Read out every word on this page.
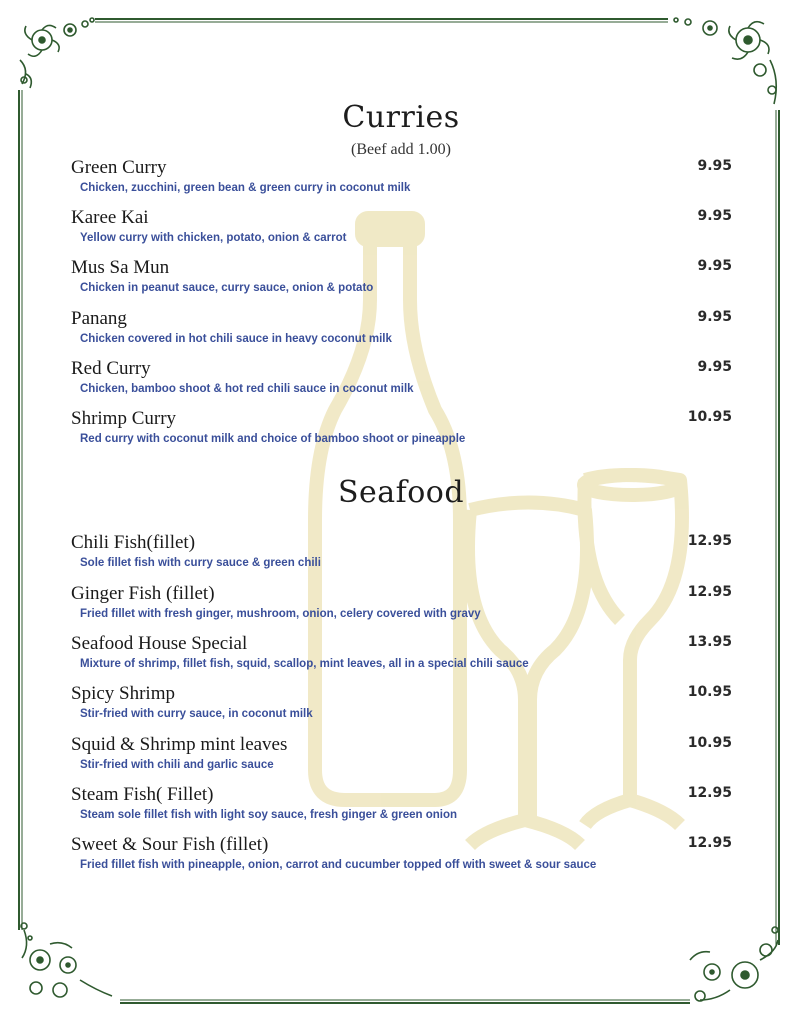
Curries
(Beef add 1.00)
Green Curry	9.95
Chicken, zucchini, green bean & green curry in coconut milk
Karee Kai	9.95
Yellow curry with chicken, potato, onion & carrot
Mus Sa Mun	9.95
Chicken in peanut sauce, curry sauce, onion & potato
Panang	9.95
Chicken covered in hot chili sauce in heavy coconut milk
Red Curry	9.95
Chicken, bamboo shoot & hot red chili sauce in coconut milk
Shrimp Curry	10.95
Red curry with coconut milk and choice of bamboo shoot or pineapple
Seafood
Chili Fish(fillet)	12.95
Sole fillet fish with curry sauce & green chili
Ginger Fish (fillet)	12.95
Fried fillet with fresh ginger, mushroom, onion, celery covered with gravy
Seafood House Special	13.95
Mixture of shrimp, fillet fish, squid, scallop, mint leaves, all in a special chili sauce
Spicy Shrimp	10.95
Stir-fried with curry sauce, in coconut milk
Squid & Shrimp mint leaves	10.95
Stir-fried with chili and garlic sauce
Steam Fish( Fillet)	12.95
Steam sole fillet fish with light soy sauce, fresh ginger & green onion
Sweet & Sour Fish (fillet)	12.95
Fried fillet fish with pineapple, onion, carrot and cucumber topped off with sweet & sour sauce
